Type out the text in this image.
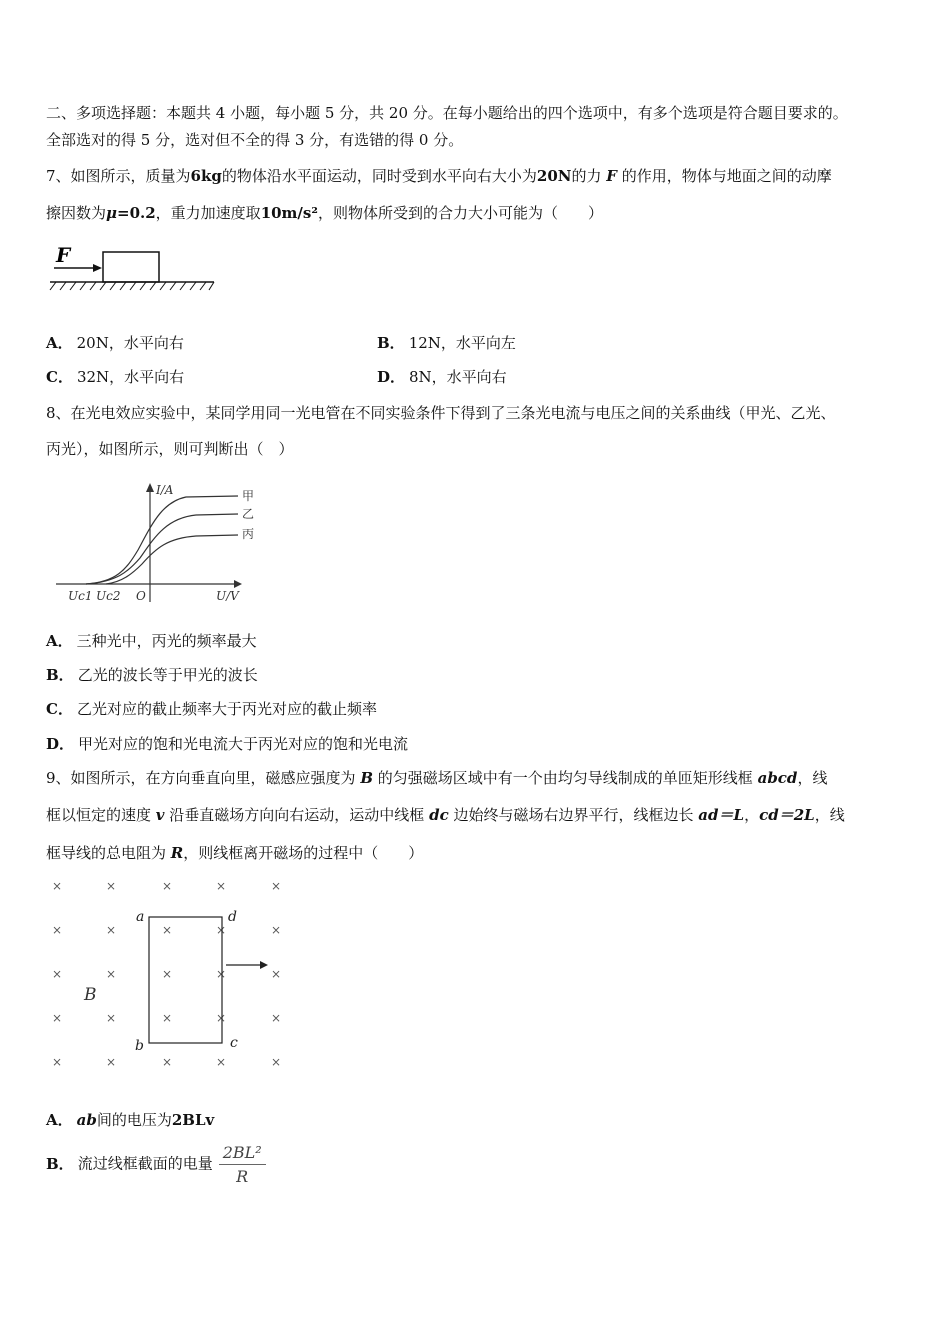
二、多项选择题：本题共 4 小题，每小题 5 分，共 20 分。在每小题给出的四个选项中，有多个选项是符合题目要求的。
全部选对的得 5 分，选对但不全的得 3 分，有选错的得 0 分。
7、如图所示，质量为6kg的物体沿水平面运动，同时受到水平向右大小为20N的力 F 的作用，物体与地面之间的动摩
擦因数为μ=0.2，重力加速度取10m/s²，则物体所受到的合力大小可能为（　　）
F
A． 20N，水平向右	B． 12N，水平向左
C． 32N，水平向右	D． 8N，水平向右
8、在光电效应实验中，某同学用同一光电管在不同实验条件下得到了三条光电流与电压之间的关系曲线（甲光、乙光、
丙光），如图所示，则可判断出（　）
I/A
U/V
O
Uc1 Uc2
甲
乙
丙
A． 三种光中，丙光的频率最大
B． 乙光的波长等于甲光的波长
C． 乙光对应的截止频率大于丙光对应的截止频率
D． 甲光对应的饱和光电流大于丙光对应的饱和光电流
9、如图所示，在方向垂直向里，磁感应强度为 B 的匀强磁场区域中有一个由均匀导线制成的单匝矩形线框 abcd，线
框以恒定的速度 v 沿垂直磁场方向向右运动，运动中线框 dc 边始终与磁场右边界平行，线框边长 ad＝L，cd＝2L，线
框导线的总电阻为 R，则线框离开磁场的过程中（　　）
×	×	×	×	×
×	×	×	×	×
×	×	×	×	×
×	×	×	×	×
×	×	×	×	×
a	d
b	c
B
A． ab间的电压为2BLv
B． 流过线框截面的电量 $\frac{\text{2BL²}}{R}$
